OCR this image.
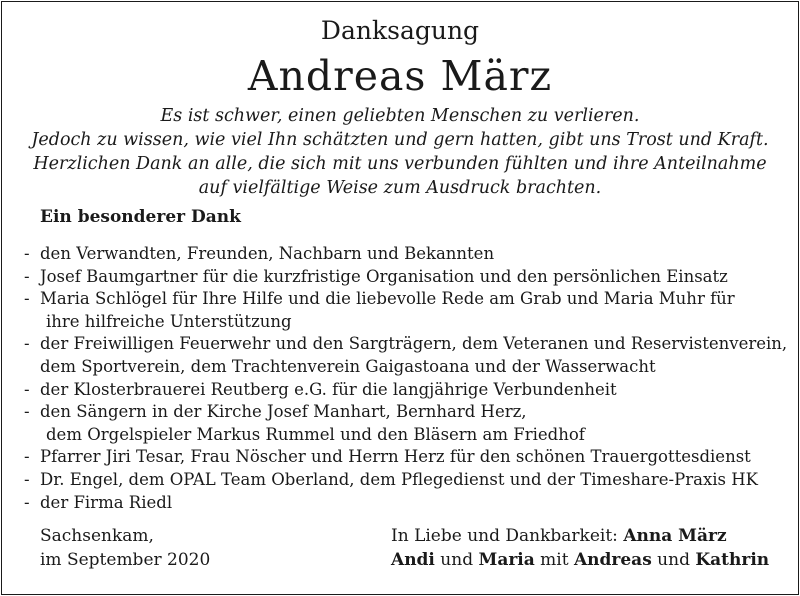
Danksagung
Andreas März
Es ist schwer, einen geliebten Menschen zu verlieren.
Jedoch zu wissen, wie viel Ihn schätzten und gern hatten, gibt uns Trost und Kraft.
Herzlichen Dank an alle, die sich mit uns verbunden fühlten und ihre Anteilnahme
auf vielfältige Weise zum Ausdruck brachten.
Ein besonderer Dank
- den Verwandten, Freunden, Nachbarn und Bekannten
- Josef Baumgartner für die kurzfristige Organisation und den persönlichen Einsatz
- Maria Schlögel für Ihre Hilfe und die liebevolle Rede am Grab und Maria Muhr für
ihre hilfreiche Unterstützung
- der Freiwilligen Feuerwehr und den Sargträgern, dem Veteranen und Reservistenverein,
dem Sportverein, dem Trachtenverein Gaigastoana und der Wasserwacht
- der Klosterbrauerei Reutberg e.G. für die langjährige Verbundenheit
- den Sängern in der Kirche Josef Manhart, Bernhard Herz,
dem Orgelspieler Markus Rummel und den Bläsern am Friedhof
- Pfarrer Jiri Tesar, Frau Nöscher und Herrn Herz für den schönen Trauergottesdienst
- Dr. Engel, dem OPAL Team Oberland, dem Pflegedienst und der Timeshare-Praxis HK
- der Firma Riedl
Sachsenkam,
im September 2020
In Liebe und Dankbarkeit: Anna März
Andi und Maria mit Andreas und Kathrin
